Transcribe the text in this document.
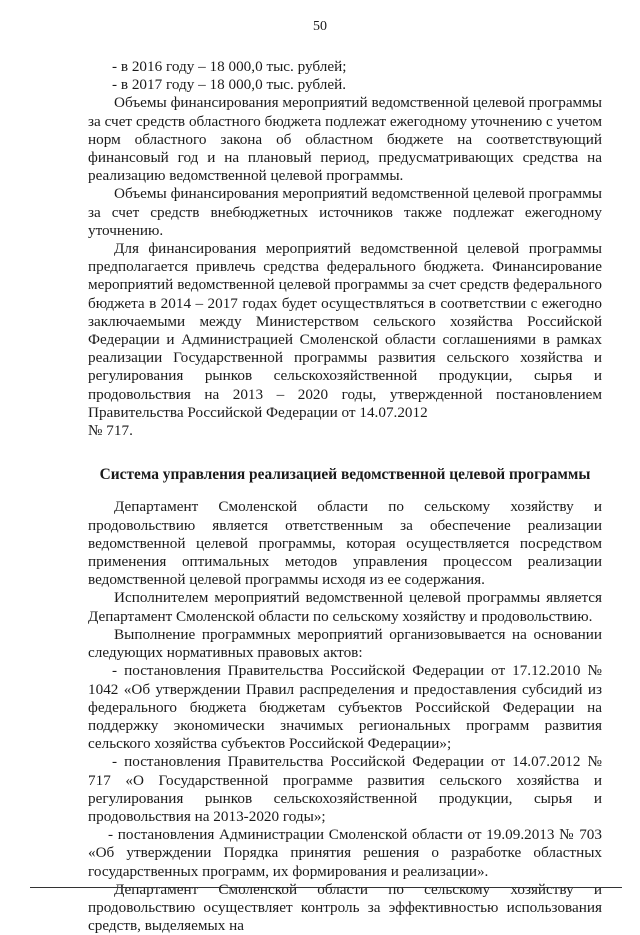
50

- в 2016 году – 18 000,0 тыс. рублей;

- в 2017 году – 18 000,0 тыс. рублей.

Объемы финансирования мероприятий ведомственной целевой программы за счет средств областного бюджета подлежат ежегодному уточнению с учетом норм областного закона об областном бюджете на соответствующий финансовый год и на плановый период, предусматривающих средства на реализацию ведомственной целевой программы.

Объемы финансирования мероприятий ведомственной целевой программы за счет средств внебюджетных источников также подлежат ежегодному уточнению.

Для финансирования мероприятий ведомственной целевой программы предполагается привлечь средства федерального бюджета. Финансирование мероприятий ведомственной целевой программы за счет средств федерального бюджета в 2014 – 2017 годах будет осуществляться в соответствии с ежегодно заключаемыми между Министерством сельского хозяйства Российской Федерации и Администрацией Смоленской области соглашениями в рамках реализации Государственной программы развития сельского хозяйства и регулирования рынков сельскохозяйственной продукции, сырья и продовольствия на 2013 – 2020 годы, утвержденной постановлением Правительства Российской Федерации от 14.07.2012

№ 717.

Система управления реализацией ведомственной целевой программы

Департамент Смоленской области по сельскому хозяйству и продовольствию является ответственным за обеспечение реализации ведомственной целевой программы, которая осуществляется посредством применения оптимальных методов управления процессом реализации ведомственной целевой программы исходя из ее содержания.

Исполнителем мероприятий ведомственной целевой программы является Департамент Смоленской области по сельскому хозяйству и продовольствию.

Выполнение программных мероприятий организовывается на основании следующих нормативных правовых актов:

- постановления Правительства Российской Федерации от 17.12.2010 № 1042 «Об утверждении Правил распределения и предоставления субсидий из федерального бюджета бюджетам субъектов Российской Федерации на поддержку экономически значимых региональных программ развития сельского хозяйства субъектов Российской Федерации»;

- постановления Правительства Российской Федерации от 14.07.2012 № 717 «О Государственной программе развития сельского хозяйства и регулирования рынков сельскохозяйственной продукции, сырья и продовольствия на 2013-2020 годы»;

- постановления Администрации Смоленской области от 19.09.2013 № 703 «Об утверждении Порядка принятия решения о разработке областных государственных программ, их формирования и реализации».

Департамент Смоленской области по сельскому хозяйству и продовольствию осуществляет контроль за эффективностью использования средств, выделяемых на
